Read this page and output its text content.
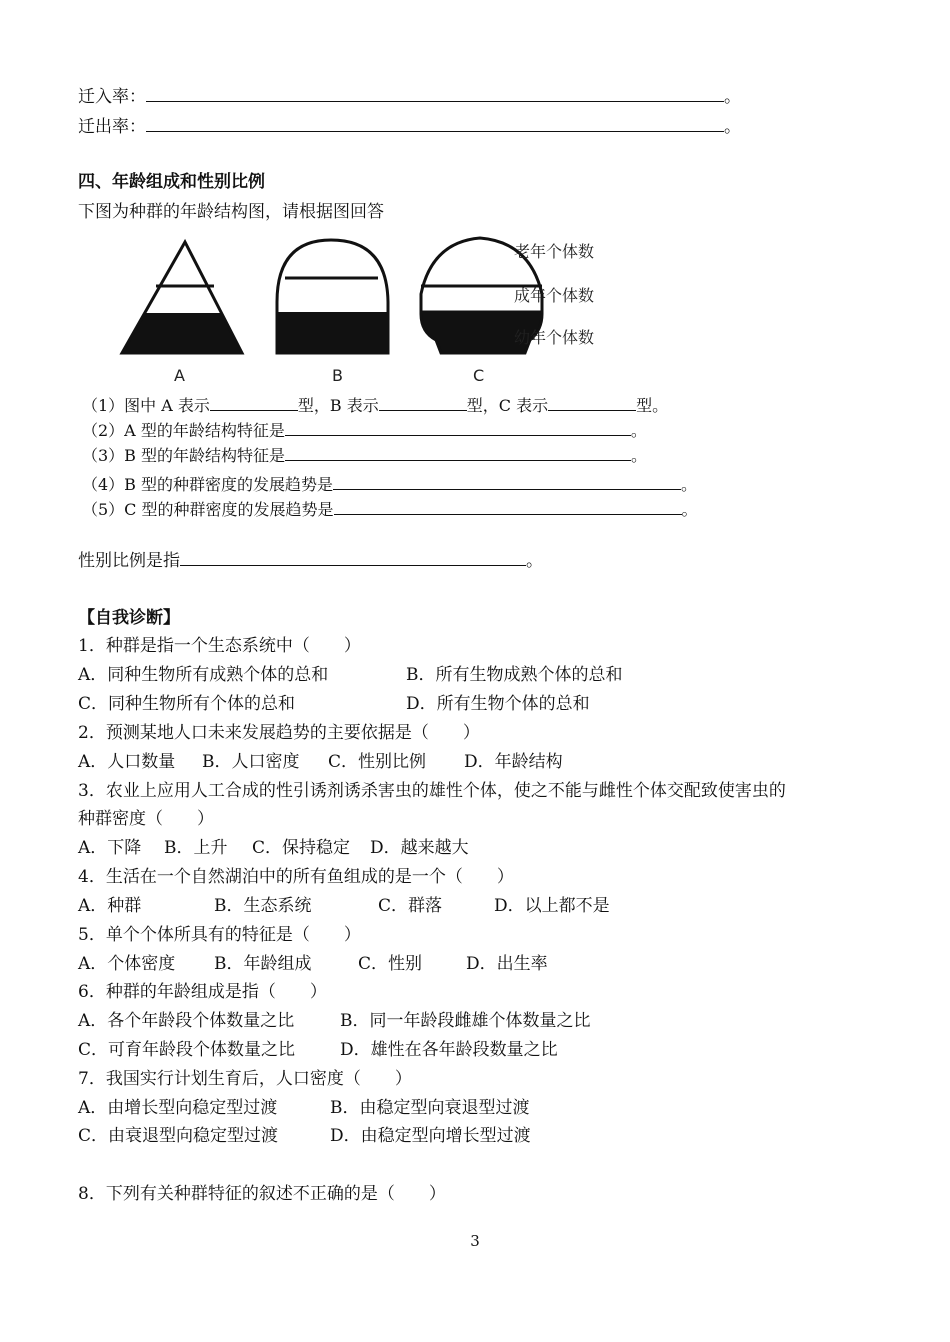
迁入率：	。
迁出率：	。
四、年龄组成和性别比例
下图为种群的年龄结构图，请根据图回答
老年个体数
成年个体数
幼年个体数
A	B	C
（1）图中 A 表示	型，B 表示	型，C 表示	型。
（2）A 型的年龄结构特征是	。
（3）B 型的年龄结构特征是	。
（4）B 型的种群密度的发展趋势是	。
（5）C 型的种群密度的发展趋势是	。
性别比例是指	。
【自我诊断】
1．种群是指一个生态系统中（　　）
A．同种生物所有成熟个体的总和	B．所有生物成熟个体的总和
C．同种生物所有个体的总和	D．所有生物个体的总和
2．预测某地人口未来发展趋势的主要依据是（　　）
A．人口数量 B．人口密度 C．性别比例 D．年龄结构
3．农业上应用人工合成的性引诱剂诱杀害虫的雄性个体，使之不能与雌性个体交配致使害虫的
种群密度（　　）
A．下降 B．上升 C．保持稳定 D．越来越大
4．生活在一个自然湖泊中的所有鱼组成的是一个（　　）
A．种群	B．生态系统	C．群落	D．以上都不是
5．单个个体所具有的特征是（　　）
A．个体密度 B．年龄组成	C．性别	D．出生率
6．种群的年龄组成是指（　　）
A．各个年龄段个体数量之比	B．同一年龄段雌雄个体数量之比
C．可育年龄段个体数量之比	D．雄性在各年龄段数量之比
7．我国实行计划生育后，人口密度（　　）
A．由增长型向稳定型过渡	B．由稳定型向衰退型过渡
C．由衰退型向稳定型过渡	D．由稳定型向增长型过渡
8．下列有关种群特征的叙述不正确的是（　　）
3
